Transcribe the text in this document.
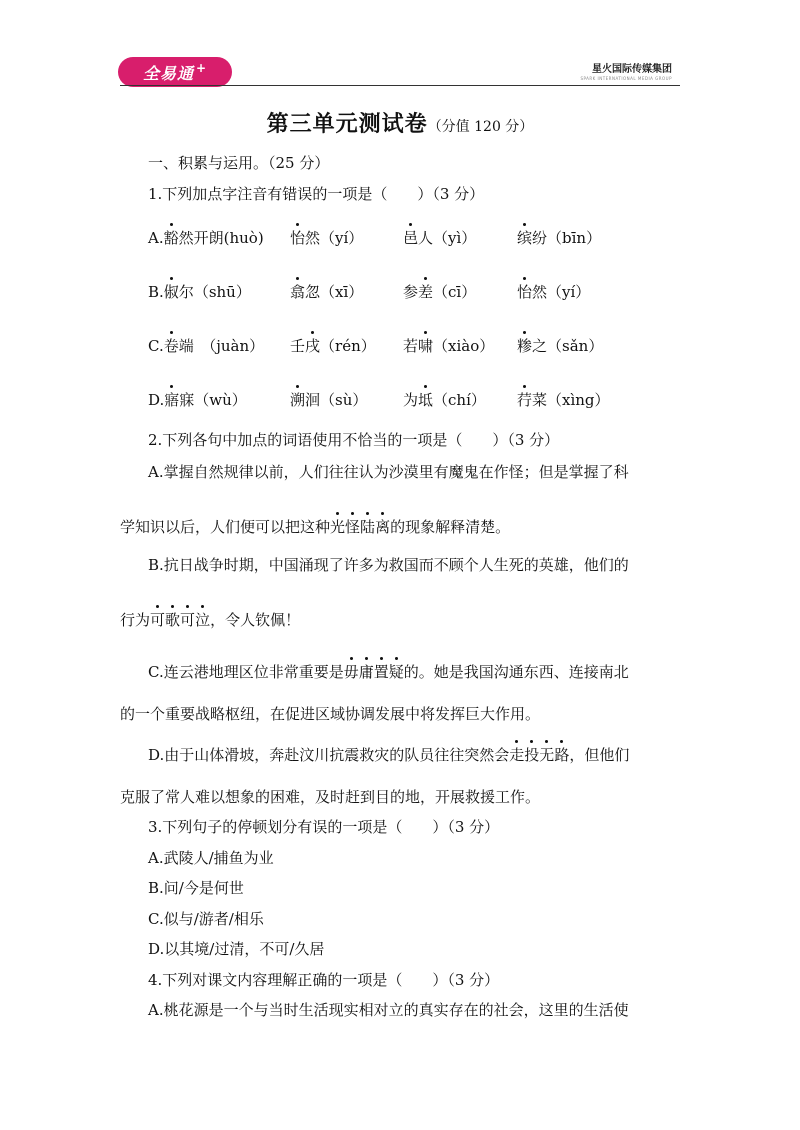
全易通 +	星火国际传媒集团
SPARK INTERNATIONAL MEDIA GROUP
第三单元测试卷（分值 120 分）
一、积累与运用。（25 分）
1.下列加点字注音有错误的一项是（　　）（3 分）
A.豁然开朗(huò) 怡然（yí）	邑人（yì）	缤纷（bīn）
B.俶尔（shū）	翕忽（xī）	参差（cī）	怡然（yí）
C.卷端　（juàn） 壬戌（rén） 若啸（xiào） 糁之（sǎn）
D.寤寐（wù）	溯洄（sù） 为坻（chí） 荇菜（xìng）
2.下列各句中加点的词语使用不恰当的一项是（　　）（3 分）
A.掌握自然规律以前，人们往往认为沙漠里有魔鬼在作怪；但是掌握了科
学知识以后，人们便可以把这种光怪陆离的现象解释清楚。
B.抗日战争时期，中国涌现了许多为救国而不顾个人生死的英雄，他们的
行为可歌可泣，令人钦佩！
C.连云港地理区位非常重要是毋庸置疑的。她是我国沟通东西、连接南北
的一个重要战略枢纽，在促进区域协调发展中将发挥巨大作用。
D.由于山体滑坡，奔赴汶川抗震救灾的队员往往突然会走投无路，但他们
克服了常人难以想象的困难，及时赶到目的地，开展救援工作。
3.下列句子的停顿划分有误的一项是（　　）（3 分）
A.武陵人/捕鱼为业
B.问/今是何世
C.似与/游者/相乐
D.以其境/过清，不可/久居
4.下列对课文内容理解正确的一项是（　　）（3 分）
A.桃花源是一个与当时生活现实相对立的真实存在的社会，这里的生活使
